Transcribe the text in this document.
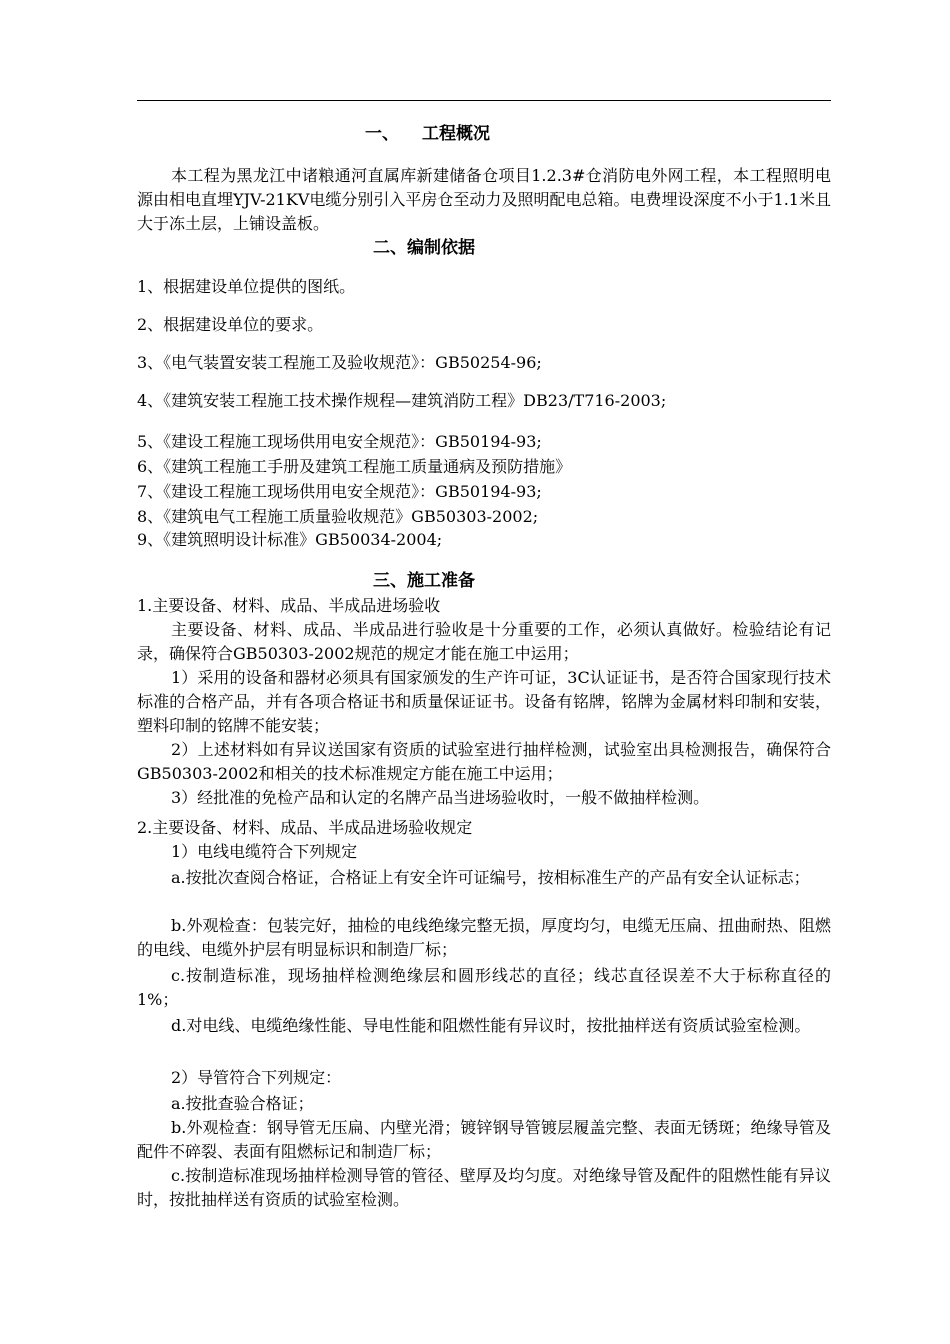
一、 工程概况

本工程为黑龙江中诸粮通河直属库新建储备仓项目1.2.3#仓消防电外网工程，本工程照明电源由相电直埋YJV-21KV电缆分别引入平房仓至动力及照明配电总箱。电费埋设深度不小于1.1米且大于冻土层，上铺设盖板。

二、编制依据
1、根据建设单位提供的图纸。
2、根据建设单位的要求。
3、《电气装置安装工程施工及验收规范》：GB50254-96;
4、《建筑安装工程施工技术操作规程—建筑消防工程》DB23/T716-2003;
5、《建设工程施工现场供用电安全规范》：GB50194-93;
6、《建筑工程施工手册及建筑工程施工质量通病及预防措施》
7、《建设工程施工现场供用电安全规范》：GB50194-93;
8、《建筑电气工程施工质量验收规范》GB50303-2002;
9、《建筑照明设计标准》GB50034-2004;
三、施工准备
1.主要设备、材料、成品、半成品进场验收

主要设备、材料、成品、半成品进行验收是十分重要的工作，必须认真做好。检验结论有记录，确保符合GB50303-2002规范的规定才能在施工中运用；

1）采用的设备和器材必须具有国家颁发的生产许可证，3C认证证书，是否符合国家现行技术标准的合格产品，并有各项合格证书和质量保证证书。设备有铭牌，铭牌为金属材料印制和安装，塑料印制的铭牌不能安装；

2）上述材料如有异议送国家有资质的试验室进行抽样检测，试验室出具检测报告，确保符合GB50303-2002和相关的技术标准规定方能在施工中运用；

3）经批准的免检产品和认定的名牌产品当进场验收时，一般不做抽样检测。

2.主要设备、材料、成品、半成品进场验收规定
1）电线电缆符合下列规定

a.按批次查阅合格证，合格证上有安全许可证编号，按相标准生产的产品有安全认证标志；

b.外观检查：包装完好，抽检的电线绝缘完整无损，厚度均匀，电缆无压扁、扭曲耐热、阻燃的电线、电缆外护层有明显标识和制造厂标；

c.按制造标准，现场抽样检测绝缘层和圆形线芯的直径；线芯直径误差不大于标称直径的1%；

d.对电线、电缆绝缘性能、导电性能和阻燃性能有异议时，按批抽样送有资质试验室检测。

2）导管符合下列规定：
a.按批查验合格证；

b.外观检查：钢导管无压扁、内壁光滑；镀锌钢导管镀层履盖完整、表面无锈斑；绝缘导管及配件不碎裂、表面有阻燃标记和制造厂标；

c.按制造标准现场抽样检测导管的管径、壁厚及均匀度。对绝缘导管及配件的阻燃性能有异议时，按批抽样送有资质的试验室检测。
